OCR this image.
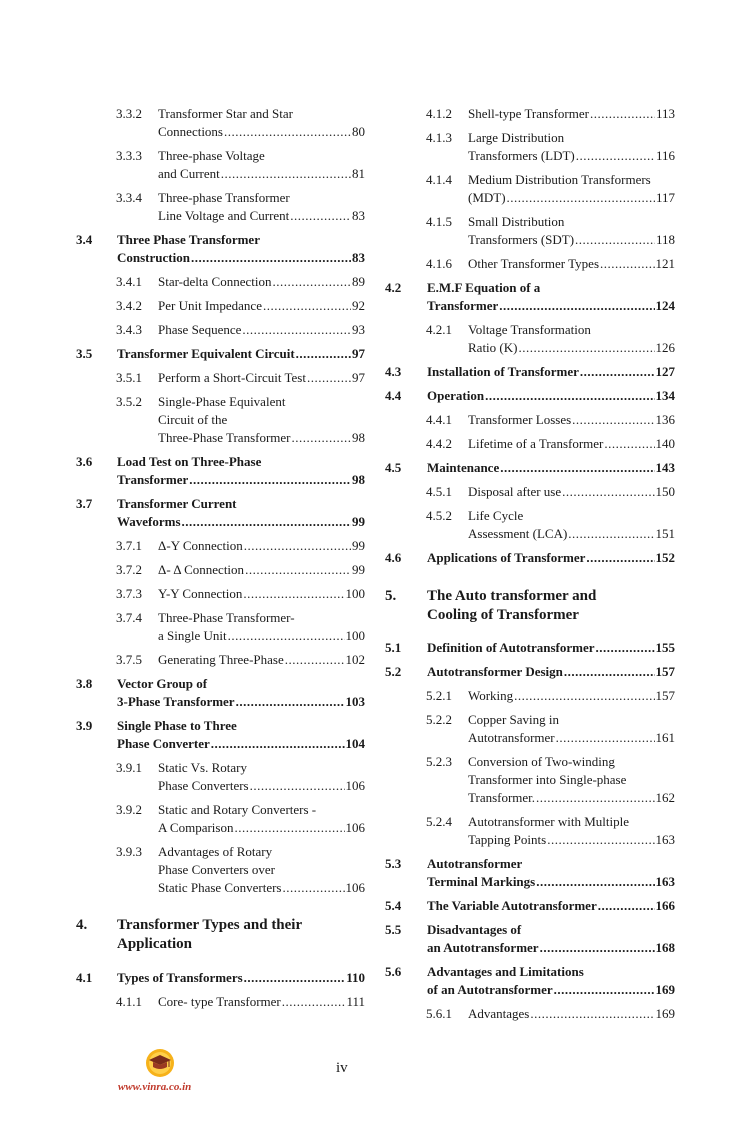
3.3.2 Transformer Star and Star
Connections .....	80
3.3.3 Three-phase Voltage
and Current .....	81
3.3.4 Three-phase Transformer
Line Voltage and Current .....	83
3.4 Three Phase Transformer
Construction .....	83
3.4.1 Star-delta Connection .....	89
3.4.2 Per Unit Impedance .....	92
3.4.3 Phase Sequence .....	93
3.5 Transformer Equivalent Circuit .....	97
3.5.1 Perform a Short-Circuit Test .....	97
3.5.2 Single-Phase Equivalent
Circuit of the
Three-Phase Transformer .....	98
3.6 Load Test on Three-Phase
Transformer .....	98
3.7 Transformer Current
Waveforms .....	99
3.7.1 Δ-Y Connection .....	99
3.7.2 Δ- Δ Connection .....	99
3.7.3 Y-Y Connection .....	100
3.7.4 Three-Phase Transformer-
a Single Unit .....	100
3.7.5 Generating Three-Phase .....	102
3.8 Vector Group of
3-Phase Transformer .....	103
3.9 Single Phase to Three
Phase Converter .....	104
3.9.1 Static Vs. Rotary
Phase Converters .....	106
3.9.2 Static and Rotary Converters -
A Comparison .....	106
3.9.3 Advantages of Rotary
Phase Converters over
Static Phase Converters .....	106
4. Transformer Types and their
Application
4.1 Types of Transformers .....	110
4.1.1 Core- type Transformer .....	111
4.1.2 Shell-type Transformer .....	113
4.1.3 Large Distribution
Transformers (LDT) .....	116
4.1.4 Medium Distribution Transformers
(MDT) .....	117
4.1.5 Small Distribution
Transformers (SDT) .....	118
4.1.6 Other Transformer Types .....	121
4.2 E.M.F Equation of a
Transformer .....	124
4.2.1 Voltage Transformation
Ratio (K) .....	126
4.3 Installation of Transformer .....	127
4.4 Operation .....	134
4.4.1 Transformer Losses .....	136
4.4.2 Lifetime of a Transformer .....	140
4.5 Maintenance .....	143
4.5.1 Disposal after use .....	150
4.5.2 Life Cycle
Assessment (LCA) .....	151
4.6 Applications of Transformer .....	152
5. The Auto transformer and
Cooling of Transformer
5.1 Definition of Autotransformer .....	155
5.2 Autotransformer Design .....	157
5.2.1 Working .....	157
5.2.2 Copper Saving in
Autotransformer .....	161
5.2.3 Conversion of Two-winding
Transformer into Single-phase
Transformer. .....	162
5.2.4 Autotransformer with Multiple
Tapping Points .....	163
5.3 Autotransformer
Terminal Markings .....	163
5.4 The Variable Autotransformer .....	166
5.5 Disadvantages of
an Autotransformer .....	168
5.6 Advantages and Limitations
of an Autotransformer .....	169
5.6.1 Advantages .....	169
iv
www.vinra.co.in
